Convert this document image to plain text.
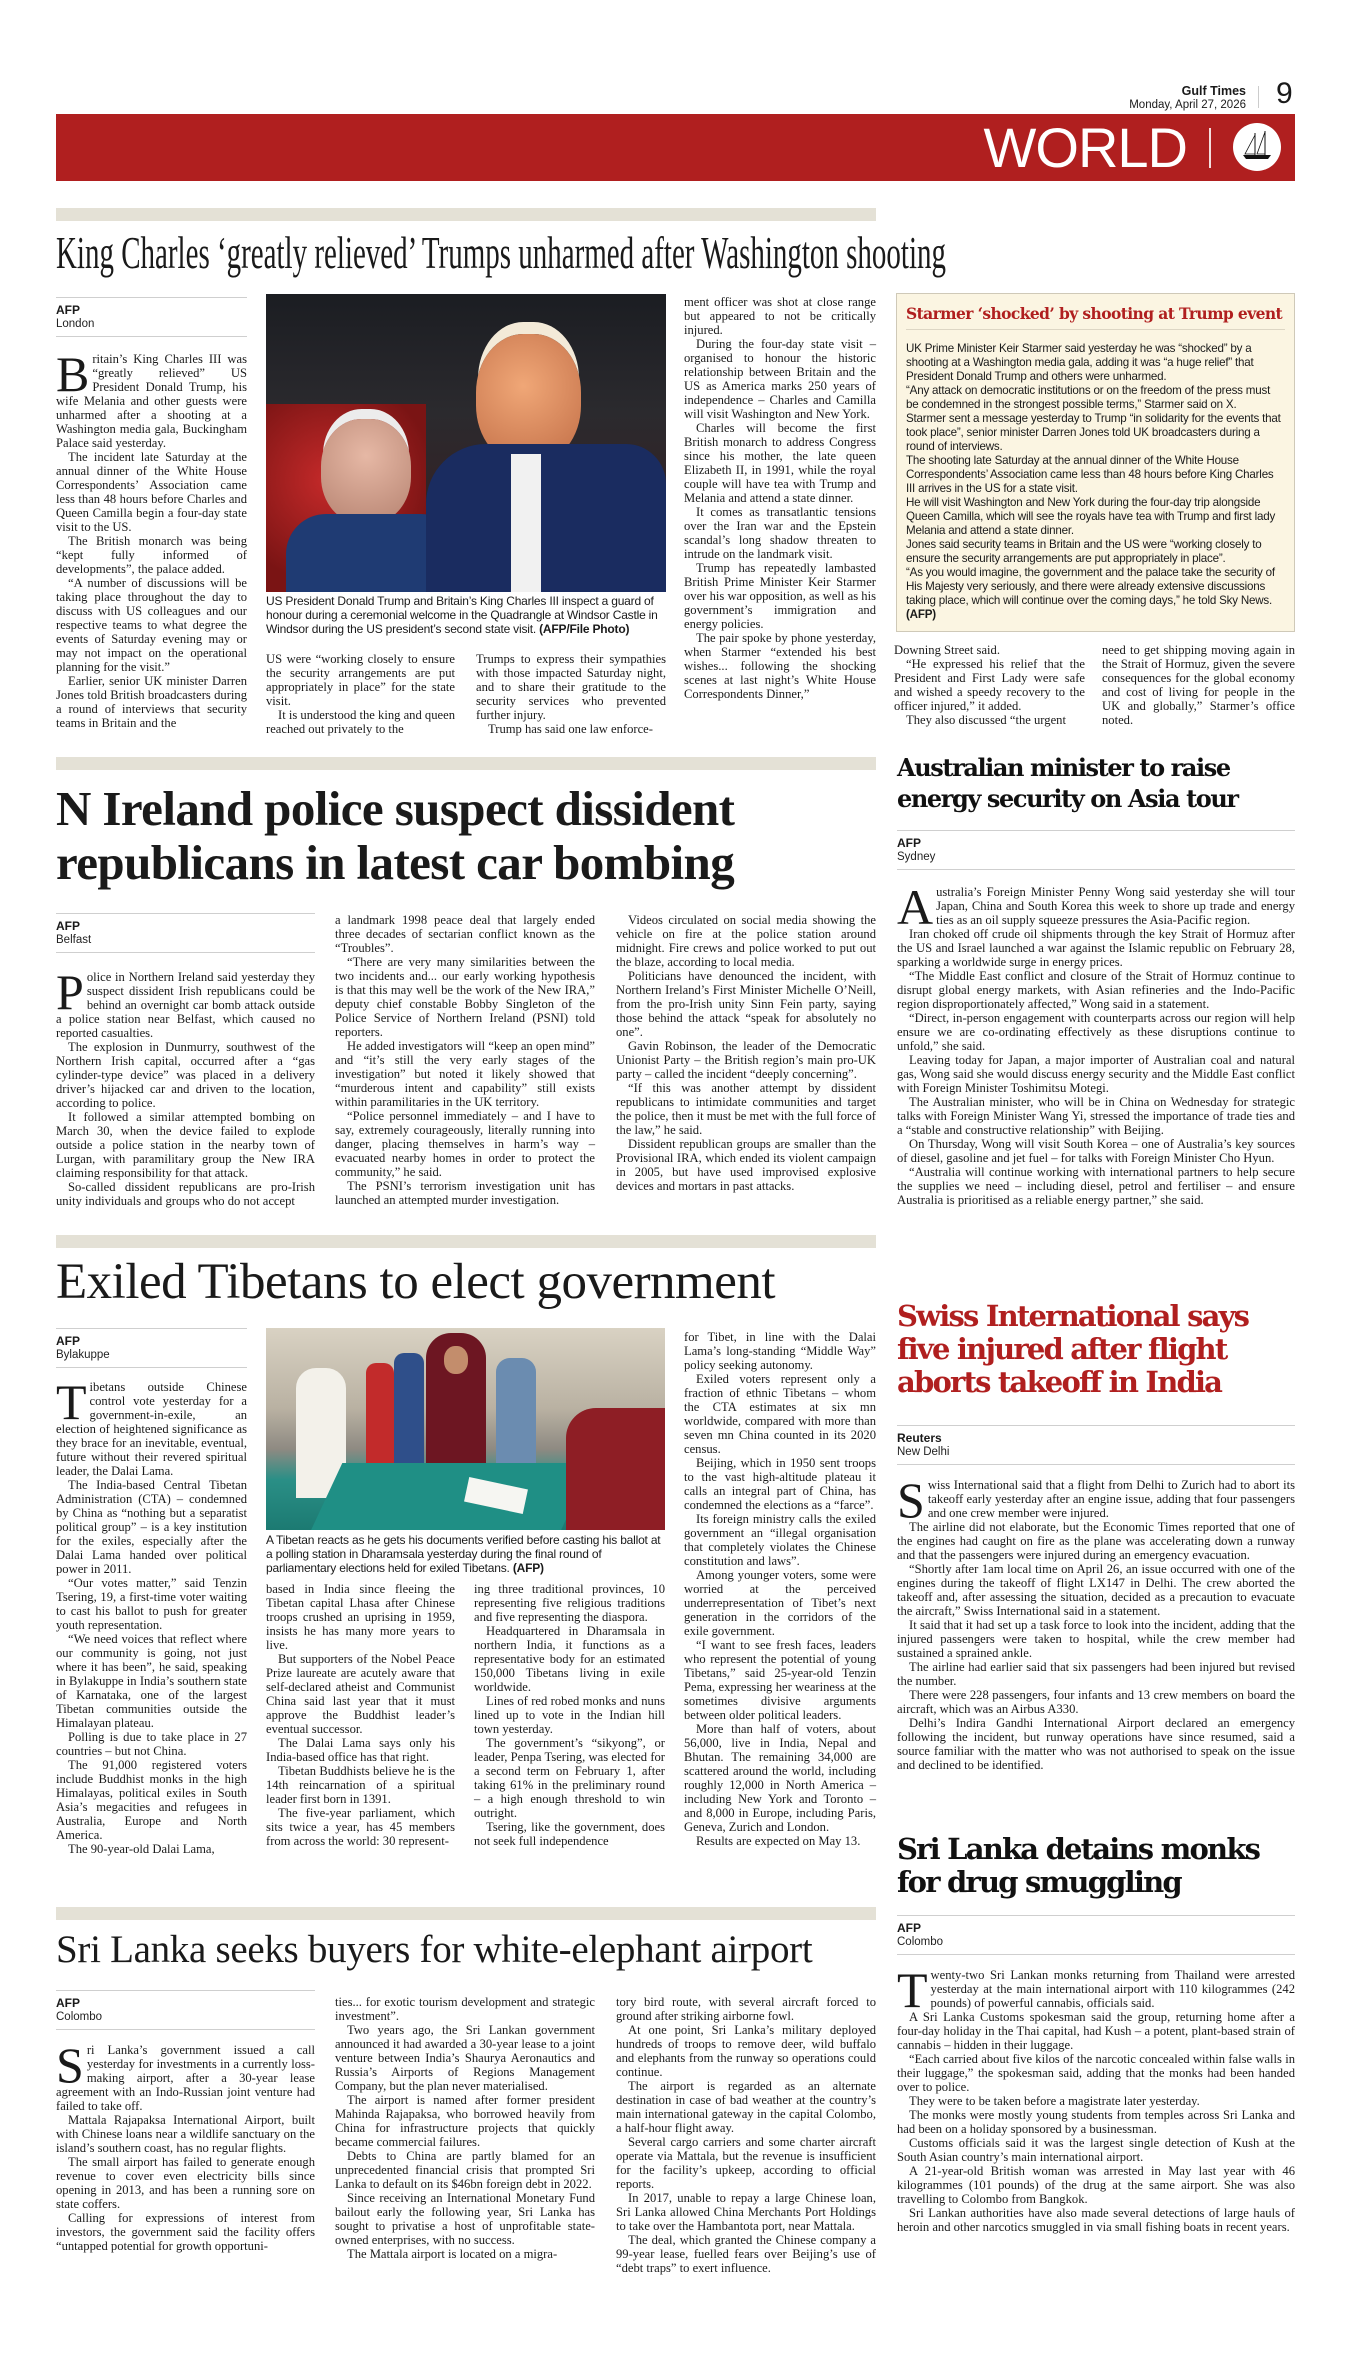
Gulf Times
Monday, April 27, 2026 9
WORLD
King Charles ‘greatly relieved’ Trumps unharmed after Washington shooting
AFP
London

Britain’s King Charles III was “greatly relieved” US President Donald Trump, his wife Melania and other guests were unharmed after a shooting at a Washington media gala, Buckingham Palace said yesterday.

The incident late Saturday at the annual dinner of the White House Correspondents’ Association came less than 48 hours before Charles and Queen Camilla begin a four-day state visit to the US.

The British monarch was being “kept fully informed of developments”, the palace added.

“A number of discussions will be taking place throughout the day to discuss with US colleagues and our respective teams to what degree the events of Saturday evening may or may not impact on the operational planning for the visit.”

Earlier, senior UK minister Darren Jones told British broadcasters during a round of interviews that security teams in Britain and the

US President Donald Trump and Britain’s King Charles III inspect a guard of honour during a ceremonial welcome in the Quadrangle at Windsor Castle in Windsor during the US president’s second state visit. (AFP/File Photo)

US were “working closely to ensure the security arrangements are put appropriately in place” for the state visit.

It is understood the king and queen reached out privately to the

Trumps to express their sympathies with those impacted Saturday night, and to share their gratitude to the security services who prevented further injury.

Trump has said one law enforce-

ment officer was shot at close range but appeared to not be critically injured.

During the four-day state visit – organised to honour the historic relationship between Britain and the US as America marks 250 years of independence – Charles and Camilla will visit Washington and New York.

Charles will become the first British monarch to address Congress since his mother, the late queen Elizabeth II, in 1991, while the royal couple will have tea with Trump and Melania and attend a state dinner.

It comes as transatlantic tensions over the Iran war and the Epstein scandal’s long shadow threaten to intrude on the landmark visit.

Trump has repeatedly lambasted British Prime Minister Keir Starmer over his war opposition, as well as his government’s immigration and energy policies.

The pair spoke by phone yesterday, when Starmer “extended his best wishes... following the shocking scenes at last night’s White House Correspondents Dinner,”

Starmer ‘shocked’ by shooting at Trump event

UK Prime Minister Keir Starmer said yesterday he was “shocked” by a shooting at a Washington media gala, adding it was “a huge relief” that President Donald Trump and others were unharmed.

“Any attack on democratic institutions or on the freedom of the press must be condemned in the strongest possible terms,” Starmer said on X.

Starmer sent a message yesterday to Trump “in solidarity for the events that took place”, senior minister Darren Jones told UK broadcasters during a round of interviews.

The shooting late Saturday at the annual dinner of the White House Correspondents’ Association came less than 48 hours before King Charles III arrives in the US for a state visit.

He will visit Washington and New York during the four-day trip alongside Queen Camilla, which will see the royals have tea with Trump and first lady Melania and attend a state dinner.

Jones said security teams in Britain and the US were “working closely to ensure the security arrangements are put appropriately in place”.

“As you would imagine, the government and the palace take the security of His Majesty very seriously, and there were already extensive discussions taking place, which will continue over the coming days,” he told Sky News. (AFP)

Downing Street said.

“He expressed his relief that the President and First Lady were safe and wished a speedy recovery to the officer injured,” it added.

They also discussed “the urgent

need to get shipping moving again in the Strait of Hormuz, given the severe consequences for the global economy and cost of living for people in the UK and globally,” Starmer’s office noted.

N Ireland police suspect dissident republicans in latest car bombing
AFP
Belfast

Police in Northern Ireland said yesterday they suspect dissident Irish republicans could be behind an overnight car bomb attack outside a police station near Belfast, which caused no reported casualties.

The explosion in Dunmurry, southwest of the Northern Irish capital, occurred after a “gas cylinder-type device” was placed in a delivery driver’s hijacked car and driven to the location, according to police.

It followed a similar attempted bombing on March 30, when the device failed to explode outside a police station in the nearby town of Lurgan, with paramilitary group the New IRA claiming responsibility for that attack.

So-called dissident republicans are pro-Irish unity individuals and groups who do not accept

a landmark 1998 peace deal that largely ended three decades of sectarian conflict known as the “Troubles”.

“There are very many similarities between the two incidents and... our early working hypothesis is that this may well be the work of the New IRA,” deputy chief constable Bobby Singleton of the Police Service of Northern Ireland (PSNI) told reporters.

He added investigators will “keep an open mind” and “it’s still the very early stages of the investigation” but noted it likely showed that “murderous intent and capability” still exists within paramilitaries in the UK territory.

“Police personnel immediately – and I have to say, extremely courageously, literally running into danger, placing themselves in harm’s way – evacuated nearby homes in order to protect the community,” he said.

The PSNI’s terrorism investigation unit has launched an attempted murder investigation.

Videos circulated on social media showing the vehicle on fire at the police station around midnight. Fire crews and police worked to put out the blaze, according to local media.

Politicians have denounced the incident, with Northern Ireland’s First Minister Michelle O’Neill, from the pro-Irish unity Sinn Fein party, saying those behind the attack “speak for absolutely no one”.

Gavin Robinson, the leader of the Democratic Unionist Party – the British region’s main pro-UK party – called the incident “deeply concerning”.

“If this was another attempt by dissident republicans to intimidate communities and target the police, then it must be met with the full force of the law,” he said.

Dissident republican groups are smaller than the Provisional IRA, which ended its violent campaign in 2005, but have used improvised explosive devices and mortars in past attacks.

Australian minister to raise energy security on Asia tour
AFP
Sydney

Australia’s Foreign Minister Penny Wong said yesterday she will tour Japan, China and South Korea this week to shore up trade and energy ties as an oil supply squeeze pressures the Asia-Pacific region.

Iran choked off crude oil shipments through the key Strait of Hormuz after the US and Israel launched a war against the Islamic republic on February 28, sparking a worldwide surge in energy prices.

“The Middle East conflict and closure of the Strait of Hormuz continue to disrupt global energy markets, with Asian refineries and the Indo-Pacific region disproportionately affected,” Wong said in a statement.

“Direct, in-person engagement with counterparts across our region will help ensure we are co-ordinating effectively as these disruptions continue to unfold,” she said.

Leaving today for Japan, a major importer of Australian coal and natural gas, Wong said she would discuss energy security and the Middle East conflict with Foreign Minister Toshimitsu Motegi.

The Australian minister, who will be in China on Wednesday for strategic talks with Foreign Minister Wang Yi, stressed the importance of trade ties and a “stable and constructive relationship” with Beijing.

On Thursday, Wong will visit South Korea – one of Australia’s key sources of diesel, gasoline and jet fuel – for talks with Foreign Minister Cho Hyun.

“Australia will continue working with international partners to help secure the supplies we need – including diesel, petrol and fertiliser – and ensure Australia is prioritised as a reliable energy partner,” she said.

Exiled Tibetans to elect government
AFP
Bylakuppe

Tibetans outside Chinese control vote yesterday for a government-in-exile, an election of heightened significance as they brace for an inevitable, eventual, future without their revered spiritual leader, the Dalai Lama.

The India-based Central Tibetan Administration (CTA) – condemned by China as “nothing but a separatist political group” – is a key institution for the exiles, especially after the Dalai Lama handed over political power in 2011.

“Our votes matter,” said Tenzin Tsering, 19, a first-time voter waiting to cast his ballot to push for greater youth representation.

“We need voices that reflect where our community is going, not just where it has been”, he said, speaking in Bylakuppe in India’s southern state of Karnataka, one of the largest Tibetan communities outside the Himalayan plateau.

Polling is due to take place in 27 countries – but not China.

The 91,000 registered voters include Buddhist monks in the high Himalayas, political exiles in South Asia’s megacities and refugees in Australia, Europe and North America.

The 90-year-old Dalai Lama,

A Tibetan reacts as he gets his documents verified before casting his ballot at a polling station in Dharamsala yesterday during the final round of parliamentary elections held for exiled Tibetans. (AFP)

based in India since fleeing the Tibetan capital Lhasa after Chinese troops crushed an uprising in 1959, insists he has many more years to live.

But supporters of the Nobel Peace Prize laureate are acutely aware that self-declared atheist and Communist China said last year that it must approve the Buddhist leader’s eventual successor.

The Dalai Lama says only his India-based office has that right.

Tibetan Buddhists believe he is the 14th reincarnation of a spiritual leader first born in 1391.

The five-year parliament, which sits twice a year, has 45 members from across the world: 30 represent-

ing three traditional provinces, 10 representing five religious traditions and five representing the diaspora.

Headquartered in Dharamsala in northern India, it functions as a representative body for an estimated 150,000 Tibetans living in exile worldwide.

Lines of red robed monks and nuns lined up to vote in the Indian hill town yesterday.

The government’s “sikyong”, or leader, Penpa Tsering, was elected for a second term on February 1, after taking 61% in the preliminary round – a high enough threshold to win outright.

Tsering, like the government, does not seek full independence

for Tibet, in line with the Dalai Lama’s long-standing “Middle Way” policy seeking autonomy.

Exiled voters represent only a fraction of ethnic Tibetans – whom the CTA estimates at six mn worldwide, compared with more than seven mn China counted in its 2020 census.

Beijing, which in 1950 sent troops to the vast high-altitude plateau it calls an integral part of China, has condemned the elections as a “farce”.

Its foreign ministry calls the exiled government an “illegal organisation that completely violates the Chinese constitution and laws”.

Among younger voters, some were worried at the perceived underrepresentation of Tibet’s next generation in the corridors of the exile government.

“I want to see fresh faces, leaders who represent the potential of young Tibetans,” said 25-year-old Tenzin Pema, expressing her weariness at the sometimes divisive arguments between older political leaders.

More than half of voters, about 56,000, live in India, Nepal and Bhutan. The remaining 34,000 are scattered around the world, including roughly 12,000 in North America – including New York and Toronto – and 8,000 in Europe, including Paris, Geneva, Zurich and London.

Results are expected on May 13.

Swiss International says five injured after flight aborts takeoff in India
Reuters
New Delhi

Swiss International said that a flight from Delhi to Zurich had to abort its takeoff early yesterday after an engine issue, adding that four passengers and one crew member were injured.

The airline did not elaborate, but the Economic Times reported that one of the engines had caught on fire as the plane was accelerating down a runway and that the passengers were injured during an emergency evacuation.

“Shortly after 1am local time on April 26, an issue occurred with one of the engines during the takeoff of flight LX147 in Delhi. The crew aborted the takeoff and, after assessing the situation, decided as a precaution to evacuate the aircraft,” Swiss International said in a statement.

It said that it had set up a task force to look into the incident, adding that the injured passengers were taken to hospital, while the crew member had sustained a sprained ankle.

The airline had earlier said that six passengers had been injured but revised the number.

There were 228 passengers, four infants and 13 crew members on board the aircraft, which was an Airbus A330.

Delhi’s Indira Gandhi International Airport declared an emergency following the incident, but runway operations have since resumed, said a source familiar with the matter who was not authorised to speak on the issue and declined to be identified.

Sri Lanka detains monks for drug smuggling
AFP
Colombo

Twenty-two Sri Lankan monks returning from Thailand were arrested yesterday at the main international airport with 110 kilogrammes (242 pounds) of powerful cannabis, officials said.

A Sri Lanka Customs spokesman said the group, returning home after a four-day holiday in the Thai capital, had Kush – a potent, plant-based strain of cannabis – hidden in their luggage.

“Each carried about five kilos of the narcotic concealed within false walls in their luggage,” the spokesman said, adding that the monks had been handed over to police.

They were to be taken before a magistrate later yesterday.

The monks were mostly young students from temples across Sri Lanka and had been on a holiday sponsored by a businessman.

Customs officials said it was the largest single detection of Kush at the South Asian country’s main international airport.

A 21-year-old British woman was arrested in May last year with 46 kilogrammes (101 pounds) of the drug at the same airport. She was also travelling to Colombo from Bangkok.

Sri Lankan authorities have also made several detections of large hauls of heroin and other narcotics smuggled in via small fishing boats in recent years.

Sri Lanka seeks buyers for white-elephant airport
AFP
Colombo

Sri Lanka’s government issued a call yesterday for investments in a currently loss-making airport, after a 30-year lease agreement with an Indo-Russian joint venture had failed to take off.

Mattala Rajapaksa International Airport, built with Chinese loans near a wildlife sanctuary on the island’s southern coast, has no regular flights.

The small airport has failed to generate enough revenue to cover even electricity bills since opening in 2013, and has been a running sore on state coffers.

Calling for expressions of interest from investors, the government said the facility offers “untapped potential for growth opportuni-

ties... for exotic tourism development and strategic investment”.

Two years ago, the Sri Lankan government announced it had awarded a 30-year lease to a joint venture between India’s Shaurya Aeronautics and Russia’s Airports of Regions Management Company, but the plan never materialised.

The airport is named after former president Mahinda Rajapaksa, who borrowed heavily from China for infrastructure projects that quickly became commercial failures.

Debts to China are partly blamed for an unprecedented financial crisis that prompted Sri Lanka to default on its $46bn foreign debt in 2022.

Since receiving an International Monetary Fund bailout early the following year, Sri Lanka has sought to privatise a host of unprofitable state-owned enterprises, with no success.

The Mattala airport is located on a migra-

tory bird route, with several aircraft forced to ground after striking airborne fowl.

At one point, Sri Lanka’s military deployed hundreds of troops to remove deer, wild buffalo and elephants from the runway so operations could continue.

The airport is regarded as an alternate destination in case of bad weather at the country’s main international gateway in the capital Colombo, a half-hour flight away.

Several cargo carriers and some charter aircraft operate via Mattala, but the revenue is insufficient for the facility’s upkeep, according to official reports.

In 2017, unable to repay a large Chinese loan, Sri Lanka allowed China Merchants Port Holdings to take over the Hambantota port, near Mattala.

The deal, which granted the Chinese company a 99-year lease, fuelled fears over Beijing’s use of “debt traps” to exert influence.
